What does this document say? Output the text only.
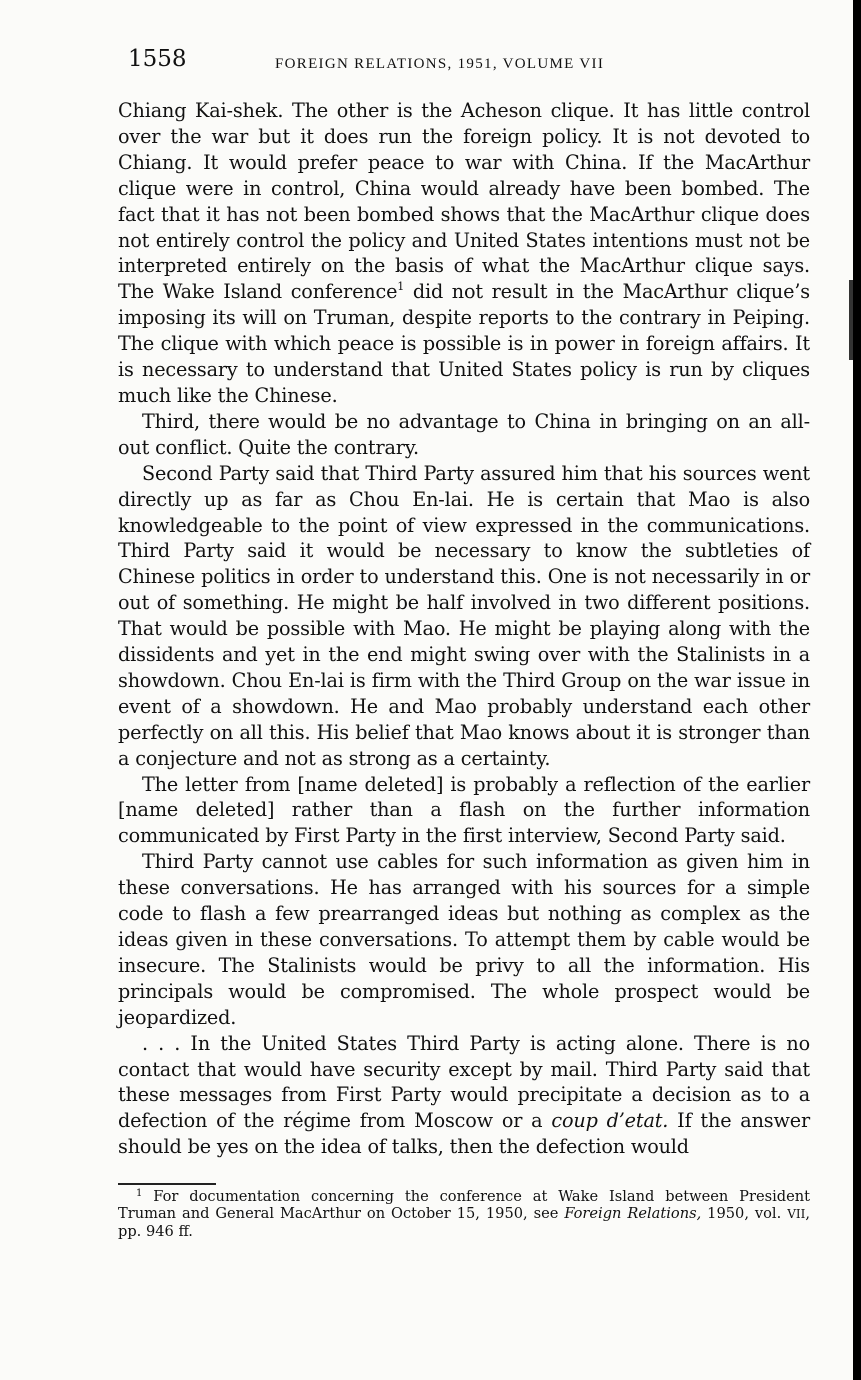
1558	FOREIGN RELATIONS, 1951, VOLUME VII

Chiang Kai-shek. The other is the Acheson clique. It has little control over the war but it does run the foreign policy. It is not devoted to Chiang. It would prefer peace to war with China. If the MacArthur clique were in control, China would already have been bombed. The fact that it has not been bombed shows that the MacArthur clique does not entirely control the policy and United States intentions must not be interpreted entirely on the basis of what the MacArthur clique says. The Wake Island conference$^1$ did not result in the MacArthur clique’s imposing its will on Truman, despite reports to the contrary in Peiping. The clique with which peace is possible is in power in foreign affairs. It is necessary to understand that United States policy is run by cliques much like the Chinese.

Third, there would be no advantage to China in bringing on an all-out conflict. Quite the contrary.

Second Party said that Third Party assured him that his sources went directly up as far as Chou En-lai. He is certain that Mao is also knowledgeable to the point of view expressed in the communications. Third Party said it would be necessary to know the subtleties of Chinese politics in order to understand this. One is not necessarily in or out of something. He might be half involved in two different positions. That would be possible with Mao. He might be playing along with the dissidents and yet in the end might swing over with the Stalinists in a showdown. Chou En-lai is firm with the Third Group on the war issue in event of a showdown. He and Mao probably understand each other perfectly on all this. His belief that Mao knows about it is stronger than a conjecture and not as strong as a certainty.

The letter from [name deleted] is probably a reflection of the earlier [name deleted] rather than a flash on the further information communicated by First Party in the first interview, Second Party said.

Third Party cannot use cables for such information as given him in these conversations. He has arranged with his sources for a simple code to flash a few prearranged ideas but nothing as complex as the ideas given in these conversations. To attempt them by cable would be insecure. The Stalinists would be privy to all the information. His principals would be compromised. The whole prospect would be jeopardized.

. . . In the United States Third Party is acting alone. There is no contact that would have security except by mail. Third Party said that these messages from First Party would precipitate a decision as to a defection of the régime from Moscow or a coup d’etat. If the answer should be yes on the idea of talks, then the defection would

$^1$ For documentation concerning the conference at Wake Island between President Truman and General MacArthur on October 15, 1950, see Foreign Relations, 1950, vol. VII, pp. 946 ff.
